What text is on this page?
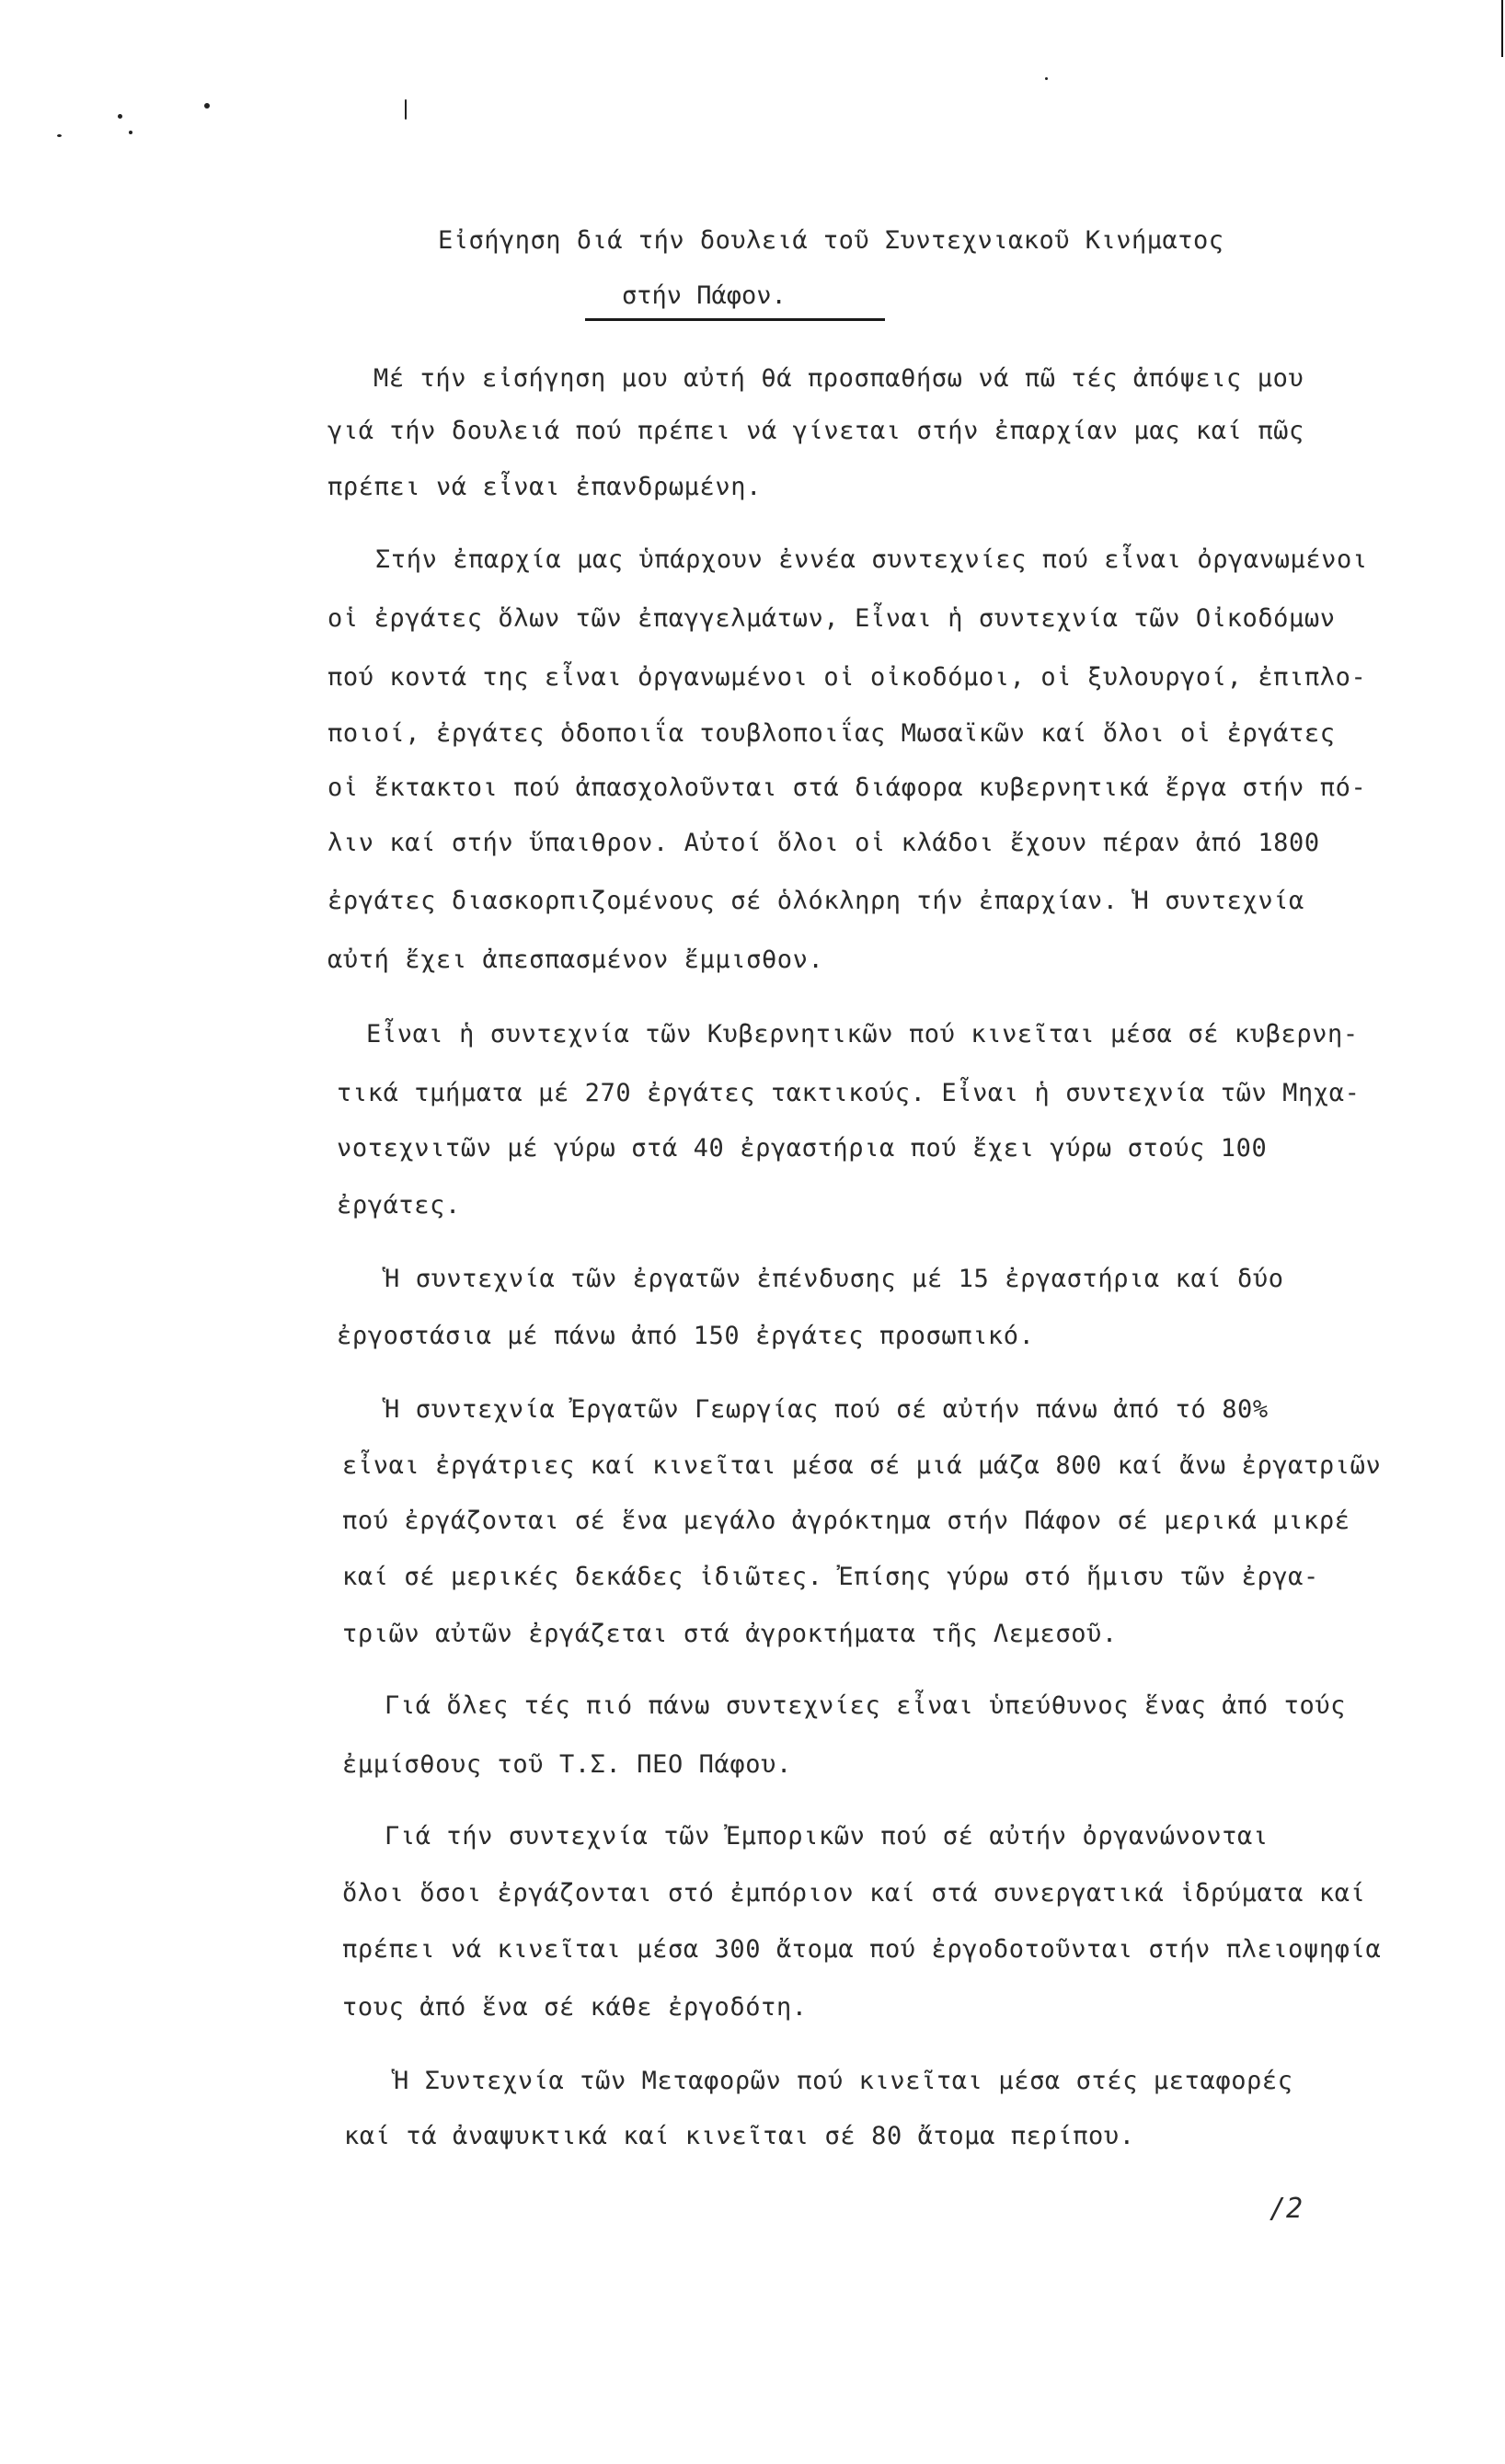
Εἰσήγηση διά τήν δουλειά τοῦ Συντεχνιακοῦ Κινήματος
στήν Πάφον.
Μέ τήν εἰσήγηση μου αὐτή θά προσπαθήσω νά πῶ τές ἀπόψεις μου
γιά τήν δουλειά πού πρέπει νά γίνεται στήν ἐπαρχίαν μας καί πῶς
πρέπει νά εἶναι ἐπανδρωμένη.
Στήν ἐπαρχία μας ὑπάρχουν ἐννέα συντεχνίες πού εἶναι ὀργανωμένοι
οἱ ἐργάτες ὅλων τῶν ἐπαγγελμάτων, Εἶναι ἡ συντεχνία τῶν Οἰκοδόμων
πού κοντά της εἶναι ὀργανωμένοι οἱ οἰκοδόμοι, οἱ ξυλουργοί, ἐπιπλο-
ποιοί, ἐργάτες ὁδοποιΐα τουβλοποιΐας Μωσαϊκῶν καί ὅλοι οἱ ἐργάτες
οἱ ἔκτακτοι πού ἀπασχολοῦνται στά διάφορα κυβερνητικά ἔργα στήν πό-
λιν καί στήν ὕπαιθρον. Αὐτοί ὅλοι οἱ κλάδοι ἔχουν πέραν ἀπό 1800
ἐργάτες διασκορπιζομένους σέ ὁλόκληρη τήν ἐπαρχίαν. Ἡ συντεχνία
αὐτή ἔχει ἀπεσπασμένον ἔμμισθον.
Εἶναι ἡ συντεχνία τῶν Κυβερνητικῶν πού κινεῖται μέσα σέ κυβερνη-
τικά τμήματα μέ 270 ἐργάτες τακτικούς. Εἶναι ἡ συντεχνία τῶν Μηχα-
νοτεχνιτῶν μέ γύρω στά 40 ἐργαστήρια πού ἔχει γύρω στούς 100
ἐργάτες.
Ἡ συντεχνία τῶν ἐργατῶν ἐπένδυσης μέ 15 ἐργαστήρια καί δύο
ἐργοστάσια μέ πάνω ἀπό 150 ἐργάτες προσωπικό.
Ἡ συντεχνία Ἐργατῶν Γεωργίας πού σέ αὐτήν πάνω ἀπό τό 80%
εἶναι ἐργάτριες καί κινεῖται μέσα σέ μιά μάζα 800 καί ἄνω ἐργατριῶν
πού ἐργάζονται σέ ἕνα μεγάλο ἀγρόκτημα στήν Πάφον σέ μερικά μικρέ
καί σέ μερικές δεκάδες ἰδιῶτες. Ἐπίσης γύρω στό ἥμισυ τῶν ἐργα-
τριῶν αὐτῶν ἐργάζεται στά ἀγροκτήματα τῆς Λεμεσοῦ.
Γιά ὅλες τές πιό πάνω συντεχνίες εἶναι ὑπεύθυνος ἕνας ἀπό τούς
ἐμμίσθους τοῦ Τ.Σ. ΠΕΟ Πάφου.
Γιά τήν συντεχνία τῶν Ἐμπορικῶν πού σέ αὐτήν ὀργανώνονται
ὅλοι ὅσοι ἐργάζονται στό ἐμπόριον καί στά συνεργατικά ἱδρύματα καί
πρέπει νά κινεῖται μέσα 300 ἄτομα πού ἐργοδοτοῦνται στήν πλειοψηφία
τους ἀπό ἕνα σέ κάθε ἐργοδότη.
Ἡ Συντεχνία τῶν Μεταφορῶν πού κινεῖται μέσα στές μεταφορές
καί τά ἀναψυκτικά καί κινεῖται σέ 80 ἄτομα περίπου.
/2
